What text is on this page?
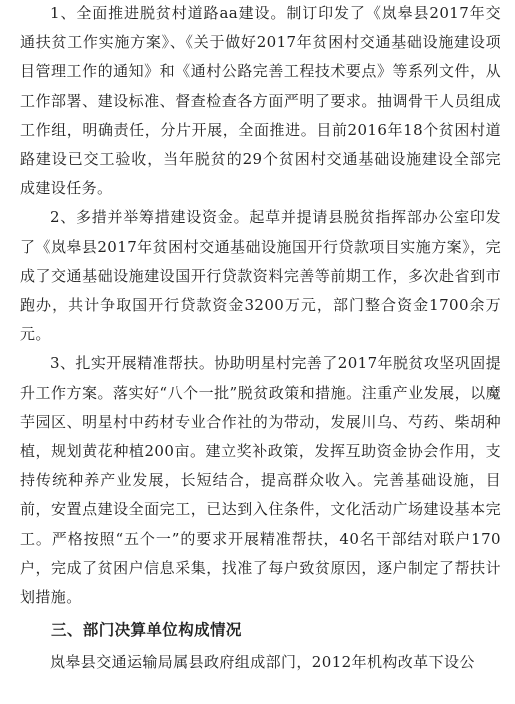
1、全面推进脱贫村道路aa建设。制订印发了《岚皋县2017年交通扶贫工作实施方案》、《关于做好2017年贫困村交通基础设施建设项目管理工作的通知》和《通村公路完善工程技术要点》等系列文件，从工作部署、建设标准、督查检查各方面严明了要求。抽调骨干人员组成工作组，明确责任，分片开展，全面推进。目前2016年18个贫困村道路建设已交工验收，当年脱贫的29个贫困村交通基础设施建设全部完成建设任务。

2、多措并举筹措建设资金。起草并提请县脱贫指挥部办公室印发了《岚皋县2017年贫困村交通基础设施国开行贷款项目实施方案》，完成了交通基础设施建设国开行贷款资料完善等前期工作，多次赴省到市跑办，共计争取国开行贷款资金3200万元，部门整合资金1700余万元。

3、扎实开展精准帮扶。协助明星村完善了2017年脱贫攻坚巩固提升工作方案。落实好“八个一批”脱贫政策和措施。注重产业发展，以魔芋园区、明星村中药材专业合作社的为带动，发展川乌、芍药、柴胡种植，规划黄花种植200亩。建立奖补政策，发挥互助资金协会作用，支持传统种养产业发展，长短结合，提高群众收入。完善基础设施，目前，安置点建设全面完工，已达到入住条件，文化活动广场建设基本完工。严格按照“五个一”的要求开展精准帮扶，40名干部结对联户170户，完成了贫困户信息采集，找准了每户致贫原因，逐户制定了帮扶计划措施。

三、部门决算单位构成情况

岚皋县交通运输局属县政府组成部门，2012年机构改革下设公
